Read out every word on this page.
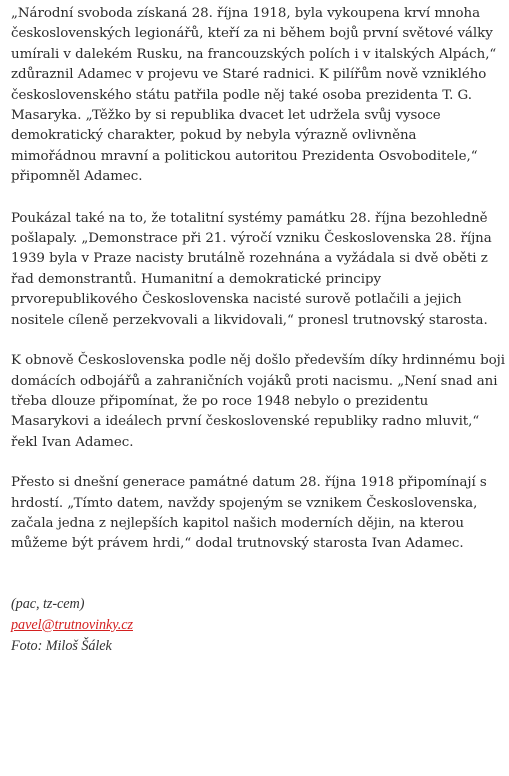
„Národní svoboda získaná 28. října 1918, byla vykoupena krví mnoha československých legionářů, kteří za ni během bojů první světové války umírali v dalekém Rusku, na francouzských polích i v italských Alpách,“ zdůraznil Adamec v projevu ve Staré radnici. K pilířům nově vzniklého československého státu patřila podle něj také osoba prezidenta T. G. Masaryka. „Těžko by si republika dvacet let udržela svůj vysoce demokratický charakter, pokud by nebyla výrazně ovlivněna mimořádnou mravní a politickou autoritou Prezidenta Osvoboditele,“ připomněl Adamec.

Poukázal také na to, že totalitní systémy památku 28. října bezohledně pošlapaly. „Demonstrace při 21. výročí vzniku Československa 28. října 1939 byla v Praze nacisty brutálně rozehnána a vyžádala si dvě oběti z řad demonstrantů. Humanitní a demokratické principy prvorepublikového Československa nacisté surově potlačili a jejich nositele cíleně perzekvovali a likvidovali,“ pronesl trutnovský starosta.

K obnově Československa podle něj došlo především díky hrdinnému boji domácích odbojářů a zahraničních vojáků proti nacismu. „Není snad ani třeba dlouze připomínat, že po roce 1948 nebylo o prezidentu Masarykovi a ideálech první československé republiky radno mluvit,“ řekl Ivan Adamec.

Přesto si dnešní generace památné datum 28. října 1918 připomínají s hrdostí. „Tímto datem, navždy spojeným se vznikem Československa, začala jedna z nejlepších kapitol našich moderních dějin, na kterou můžeme být právem hrdi,“ dodal trutnovský starosta Ivan Adamec.

(pac, tz-cem)
pavel@trutnovinky.cz
Foto: Miloš Šálek
